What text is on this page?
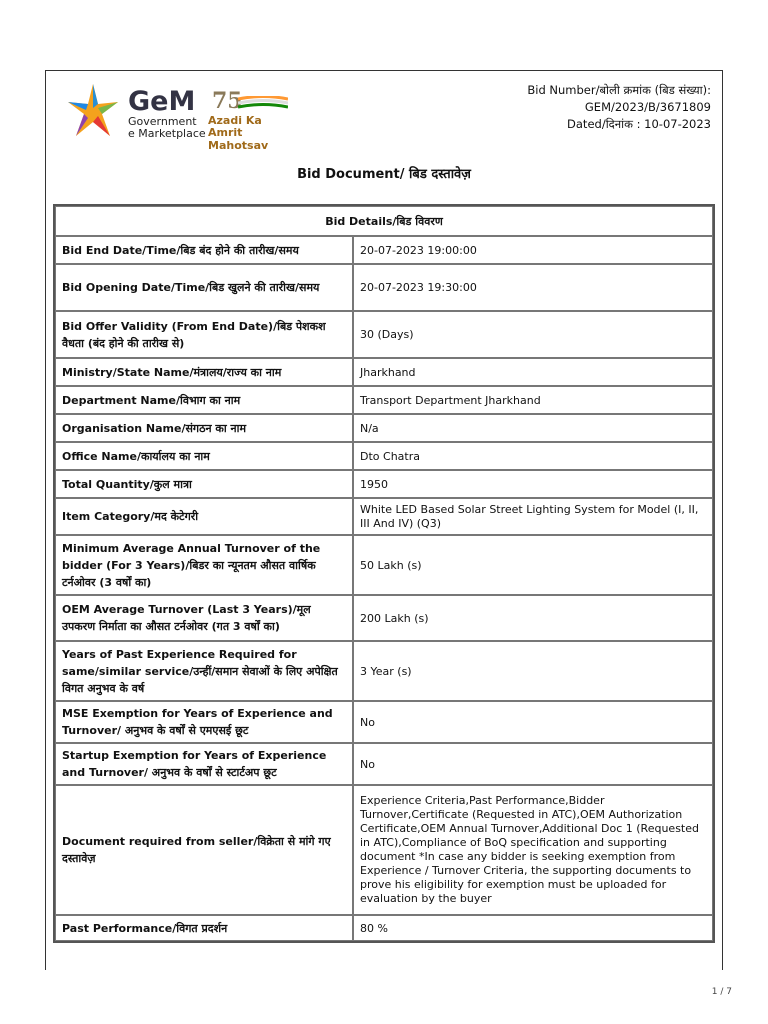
GeM
Government
e Marketplace
75
Azadi Ka
Amrit Mahotsav
Bid Number/बोली क्रमांक (बिड संख्या):
GEM/2023/B/3671809
Dated/दिनांक : 10-07-2023
Bid Document/ बिड दस्तावेज़
Bid Details/बिड विवरण	
Bid End Date/Time/बिड बंद होने की तारीख/समय	20-07-2023 19:00:00
Bid Opening Date/Time/बिड खुलने की तारीख/समय	20-07-2023 19:30:00
Bid Offer Validity (From End Date)/बिड पेशकश वैधता (बंद होने की तारीख से)	30 (Days)
Ministry/State Name/मंत्रालय/राज्य का नाम	Jharkhand
Department Name/विभाग का नाम	Transport Department Jharkhand
Organisation Name/संगठन का नाम	N/a
Office Name/कार्यालय का नाम	Dto Chatra
Total Quantity/कुल मात्रा	1950
Item Category/मद केटेगरी	White LED Based Solar Street Lighting System for Model (I, II, III And IV) (Q3)
Minimum Average Annual Turnover of the bidder (For 3 Years)/बिडर का न्यूनतम औसत वार्षिक टर्नओवर (3 वर्षों का)	50 Lakh (s)
OEM Average Turnover (Last 3 Years)/मूल उपकरण निर्माता का औसत टर्नओवर (गत 3 वर्षों का)	200 Lakh (s)
Years of Past Experience Required for same/similar service/उन्हीं/समान सेवाओं के लिए अपेक्षित विगत अनुभव के वर्ष	3 Year (s)
MSE Exemption for Years of Experience and Turnover/ अनुभव के वर्षों से एमएसई छूट	No
Startup Exemption for Years of Experience and Turnover/ अनुभव के वर्षों से स्टार्टअप छूट	No
Document required from seller/विक्रेता से मांगे गए दस्तावेज़	Experience Criteria,Past Performance,Bidder Turnover,Certificate (Requested in ATC),OEM Authorization Certificate,OEM Annual Turnover,Additional Doc 1 (Requested in ATC),Compliance of BoQ specification and supporting document *In case any bidder is seeking exemption from Experience / Turnover Criteria, the supporting documents to prove his eligibility for exemption must be uploaded for evaluation by the buyer
Past Performance/विगत प्रदर्शन	80 %
1 / 7
